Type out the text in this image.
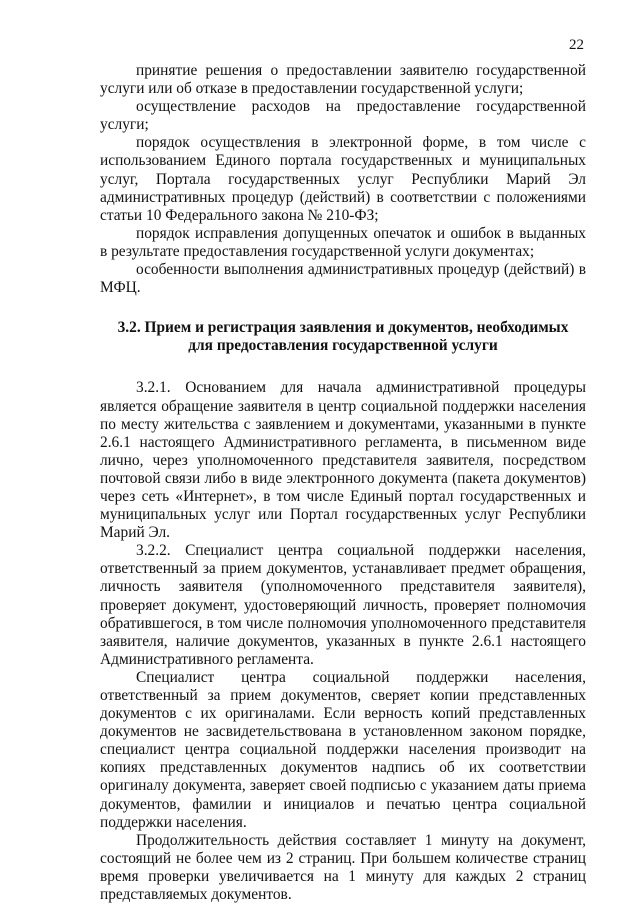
22

принятие решения о предоставлении заявителю государственной услуги или об отказе в предоставлении государственной услуги;

осуществление расходов на предоставление государственной услуги;

порядок осуществления в электронной форме, в том числе с использованием Единого портала государственных и муниципальных услуг, Портала государственных услуг Республики Марий Эл административных процедур (действий) в соответствии с положениями статьи 10 Федерального закона № 210-ФЗ;

порядок исправления допущенных опечаток и ошибок в выданных в результате предоставления государственной услуги документах;

особенности выполнения административных процедур (действий) в МФЦ.

3.2. Прием и регистрация заявления и документов, необходимых
для предоставления государственной услуги

3.2.1. Основанием для начала административной процедуры является обращение заявителя в центр социальной поддержки населения по месту жительства с заявлением и документами, указанными в пункте 2.6.1 настоящего Административного регламента, в письменном виде лично, через уполномоченного представителя заявителя, посредством почтовой связи либо в виде электронного документа (пакета документов) через сеть «Интернет», в том числе Единый портал государственных и муниципальных услуг или Портал государственных услуг Республики Марий Эл.

3.2.2. Специалист центра социальной поддержки населения, ответственный за прием документов, устанавливает предмет обращения, личность заявителя (уполномоченного представителя заявителя), проверяет документ, удостоверяющий личность, проверяет полномочия обратившегося, в том числе полномочия уполномоченного представителя заявителя, наличие документов, указанных в пункте 2.6.1 настоящего Административного регламента.

Специалист центра социальной поддержки населения, ответственный за прием документов, сверяет копии представленных документов с их оригиналами. Если верность копий представленных документов не засвидетельствована в установленном законом порядке, специалист центра социальной поддержки населения производит на копиях представленных документов надпись об их соответствии оригиналу документа, заверяет своей подписью с указанием даты приема документов, фамилии и инициалов и печатью центра социальной поддержки населения.

Продолжительность действия составляет 1 минуту на документ, состоящий не более чем из 2 страниц. При большем количестве страниц время проверки увеличивается на 1 минуту для каждых 2 страниц представляемых документов.
